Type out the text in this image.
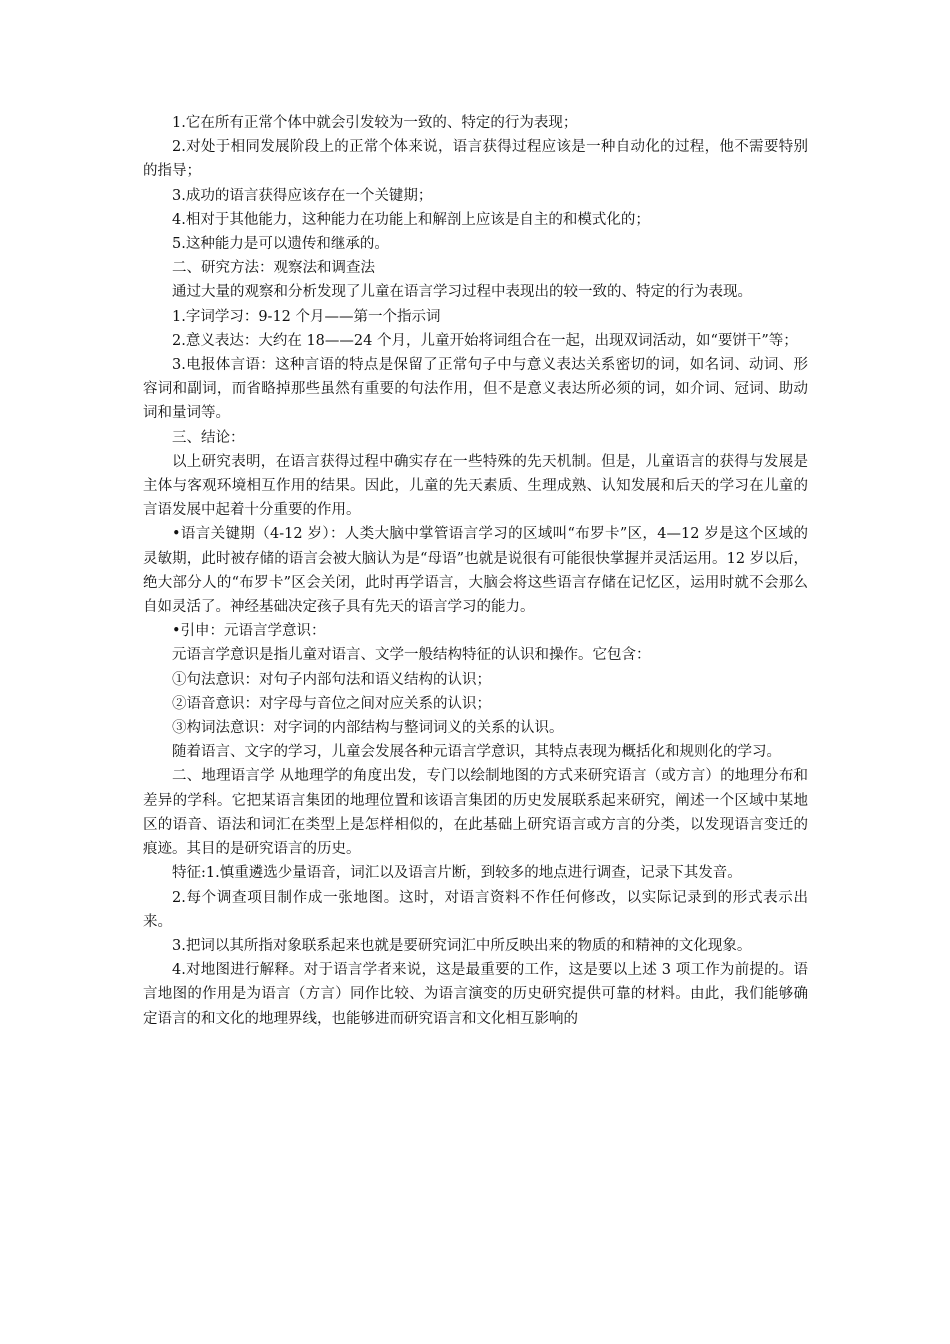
1.它在所有正常个体中就会引发较为一致的、特定的行为表现；

2.对处于相同发展阶段上的正常个体来说，语言获得过程应该是一种自动化的过程，他不需要特别的指导；

3.成功的语言获得应该存在一个关键期；

4.相对于其他能力，这种能力在功能上和解剖上应该是自主的和模式化的；

5.这种能力是可以遗传和继承的。

二、研究方法：观察法和调查法

通过大量的观察和分析发现了儿童在语言学习过程中表现出的较一致的、特定的行为表现。

1.字词学习：9-12 个月——第一个指示词

2.意义表达：大约在 18——24 个月，儿童开始将词组合在一起，出现双词活动，如“要饼干”等；

3.电报体言语：这种言语的特点是保留了正常句子中与意义表达关系密切的词，如名词、动词、形容词和副词，而省略掉那些虽然有重要的句法作用，但不是意义表达所必须的词，如介词、冠词、助动词和量词等。

三、结论：

以上研究表明，在语言获得过程中确实存在一些特殊的先天机制。但是，儿童语言的获得与发展是主体与客观环境相互作用的结果。因此，儿童的先天素质、生理成熟、认知发展和后天的学习在儿童的言语发展中起着十分重要的作用。

•语言关键期（4-12 岁）：人类大脑中掌管语言学习的区域叫“布罗卡”区，4—12 岁是这个区域的灵敏期，此时被存储的语言会被大脑认为是“母语”也就是说很有可能很快掌握并灵活运用。12 岁以后，绝大部分人的“布罗卡”区会关闭，此时再学语言，大脑会将这些语言存储在记忆区，运用时就不会那么自如灵活了。神经基础决定孩子具有先天的语言学习的能力。

•引申：元语言学意识：

元语言学意识是指儿童对语言、文学一般结构特征的认识和操作。它包含：

①句法意识：对句子内部句法和语义结构的认识；

②语音意识：对字母与音位之间对应关系的认识；

③构词法意识：对字词的内部结构与整词词义的关系的认识。

随着语言、文字的学习，儿童会发展各种元语言学意识，其特点表现为概括化和规则化的学习。

二、地理语言学 从地理学的角度出发，专门以绘制地图的方式来研究语言（或方言）的地理分布和差异的学科。它把某语言集团的地理位置和该语言集团的历史发展联系起来研究，阐述一个区域中某地区的语音、语法和词汇在类型上是怎样相似的，在此基础上研究语言或方言的分类，以发现语言变迁的痕迹。其目的是研究语言的历史。

特征:1.慎重遴选少量语音，词汇以及语言片断，到较多的地点进行调查，记录下其发音。

2.每个调查项目制作成一张地图。这时，对语言资料不作任何修改，以实际记录到的形式表示出来。

3.把词以其所指对象联系起来也就是要研究词汇中所反映出来的物质的和精神的文化现象。

4.对地图进行解释。对于语言学者来说，这是最重要的工作，这是要以上述 3 项工作为前提的。语言地图的作用是为语言（方言）同作比较、为语言演变的历史研究提供可靠的材料。由此，我们能够确定语言的和文化的地理界线，也能够进而研究语言和文化相互影响的
